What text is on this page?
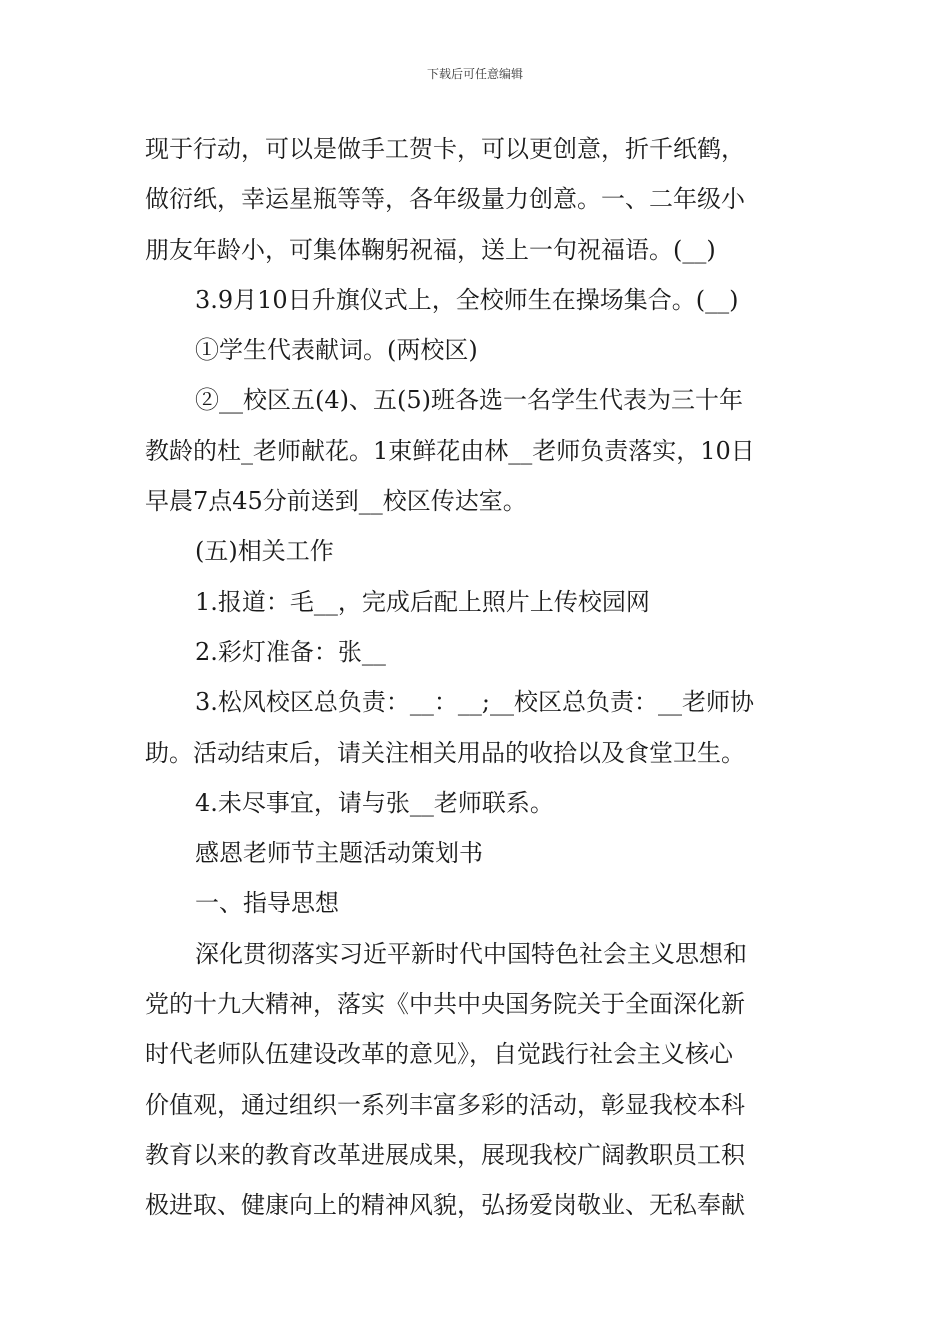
下载后可任意编辑
现于行动，可以是做手工贺卡，可以更创意，折千纸鹤，
做衍纸，幸运星瓶等等，各年级量力创意。一、二年级小
朋友年龄小，可集体鞠躬祝福，送上一句祝福语。(__)
3.9月10日升旗仪式上，全校师生在操场集合。(__)
①学生代表献词。(两校区)
②__校区五(4)、五(5)班各选一名学生代表为三十年
教龄的杜_老师献花。1束鲜花由林__老师负责落实，10日
早晨7点45分前送到__校区传达室。
(五)相关工作
1.报道：毛__，完成后配上照片上传校园网
2.彩灯准备：张__
3.松风校区总负责：__：__;__校区总负责：__老师协
助。活动结束后，请关注相关用品的收拾以及食堂卫生。
4.未尽事宜，请与张__老师联系。
感恩老师节主题活动策划书
一、指导思想
深化贯彻落实习近平新时代中国特色社会主义思想和
党的十九大精神，落实《中共中央国务院关于全面深化新
时代老师队伍建设改革的意见》，自觉践行社会主义核心
价值观，通过组织一系列丰富多彩的活动，彰显我校本科
教育以来的教育改革进展成果，展现我校广阔教职员工积
极进取、健康向上的精神风貌，弘扬爱岗敬业、无私奉献
